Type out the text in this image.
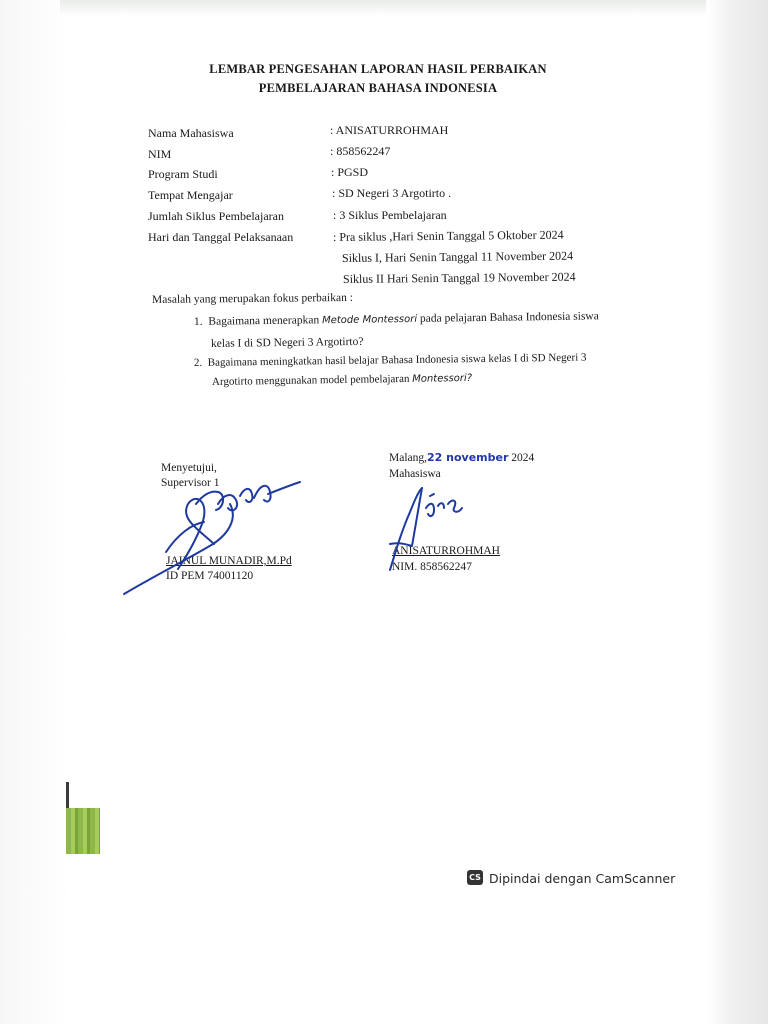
LEMBAR PENGESAHAN LAPORAN HASIL PERBAIKAN
PEMBELAJARAN BAHASA INDONESIA
Nama Mahasiswa	: ANISATURROHMAH
NIM	: 858562247
Program Studi	: PGSD
Tempat Mengajar	: SD Negeri 3 Argotirto .
Jumlah Siklus Pembelajaran	: 3 Siklus Pembelajaran
Hari dan Tanggal Pelaksanaan	: Pra siklus ,Hari Senin Tanggal 5 Oktober 2024
Siklus I, Hari Senin Tanggal 11 November 2024
Siklus II Hari Senin Tanggal 19 November 2024
Masalah yang merupakan fokus perbaikan :
1. Bagaimana menerapkan Metode Montessori pada pelajaran Bahasa Indonesia siswa
kelas I di SD Negeri 3 Argotirto?
2. Bagaimana meningkatkan hasil belajar Bahasa Indonesia siswa kelas I di SD Negeri 3
Argotirto menggunakan model pembelajaran Montessori?
Menyetujui,
Supervisor 1
JAINUL MUNADIR,M.Pd
ID PEM 74001120
Malang,22 november 2024
Mahasiswa
ANISATURROHMAH
NIM. 858562247
CS Dipindai dengan CamScanner
